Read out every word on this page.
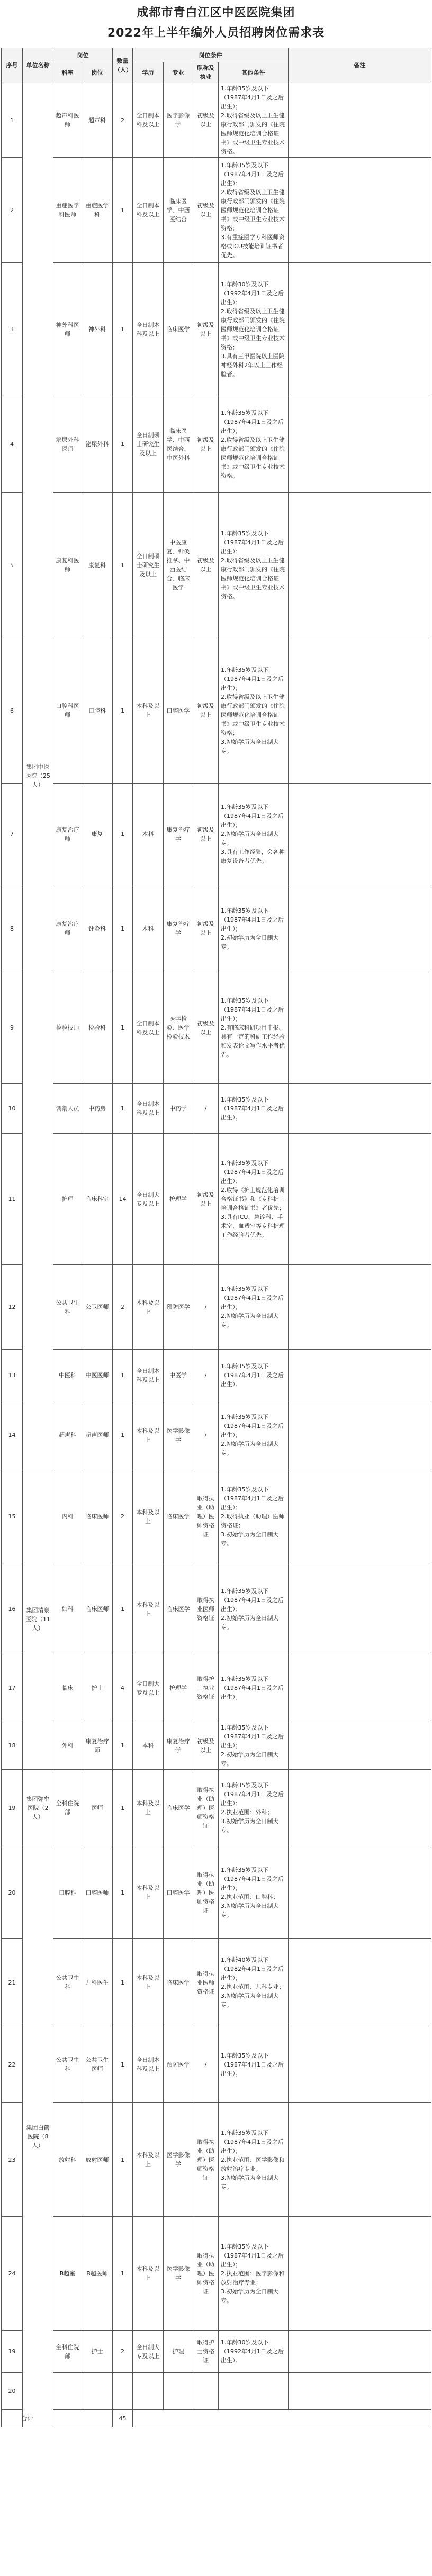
成都市青白江区中医医院集团
2022年上半年编外人员招聘岗位需求表
序号	单位名称	岗位		数量（人）	岗位条件				备注
		科室	岗位		学历	专业	职称及执业	其他条件	
1	集团中医医院（25人）	超声科医师	超声科	2	全日制本科及以上	医学影像学	初级及以上	1.年龄35岁及以下
（1987年4月1日及之后出生）；
2.取得省级及以上卫生健康行政部门颁发的《住院医师规范化培训合格证书》或中级卫生专业技术资格。	

2		重症医学科医师	重症医学科	1	全日制本科及以上	临床医学、中西医结合	初级及以上	1.年龄35岁及以下
（1987年4月1日及之后出生）；
2.取得省级及以上卫生健康行政部门颁发的《住院医师规范化培训合格证书》或中级卫生专业技术资格；
3.有重症医学专科医师资格或ICU技能培训证书者优先。	

3		神外科医师	神外科	1	全日制本科及以上	临床医学	初级及以上	1.年龄30岁及以下
（1992年4月1日及之后出生）；
2.取得省级及以上卫生健康行政部门颁发的《住院医师规范化培训合格证书》或中级卫生专业技术资格；
3.具有三甲医院以上医院神经外科2年以上工作经验者。	

4		泌尿外科医师	泌尿外科	1	全日制硕士研究生及以上	临床医学、中西医结合、中医外科	初级及以上	1.年龄35岁及以下
（1987年4月1日及之后出生）；
2.取得省级及以上卫生健康行政部门颁发的《住院医师规范化培训合格证书》或中级卫生专业技术资格。	

5		康复科医师	康复科	1	全日制硕士研究生及以上	中医康复、针灸推拿、中西医结合、临床医学	初级及以上	1.年龄35岁及以下
（1987年4月1日及之后出生）；
2.取得省级及以上卫生健康行政部门颁发的《住院医师规范化培训合格证书》或中级卫生专业技术资格。	

6		口腔科医师	口腔科	1	本科及以上	口腔医学	初级及以上	1.年龄35岁及以下
（1987年4月1日及之后出生）；
2.取得省级及以上卫生健康行政部门颁发的《住院医师规范化培训合格证书》或中级卫生专业技术资格；
3.初始学历为全日制大专。	

7		康复治疗师	康复	1	本科	康复治疗学	初级及以上	1.年龄35岁及以下
（1987年4月1日及之后出生）；
2.初始学历为全日制大专；
3.具有工作经验，会各种康复设备者优先。	

8		康复治疗师	针灸科	1	本科	康复治疗学	初级及以上	1.年龄35岁及以下
（1987年4月1日及之后出生）；
2.初始学历为全日制大专。	

9		检验技师	检验科	1	全日制本科及以上	医学检验、医学检验技术	初级及以上	1.年龄35岁及以下
（1987年4月1日及之后出生）；
2.有临床科研项目申报、具有一定的科研工作经验和发表论文写作水平者优先。	

10		调剂人员	中药房	1	全日制本科及以上	中药学	/	1.年龄35岁及以下
（1987年4月1日及之后出生）。	

11		护理	临床科室	14	全日制大专及以上	护理学	初级及以上	1.年龄35岁及以下
（1987年4月1日及之后出生）；
2.取得《护士规范化培训合格证书》和《专科护士培训合格证书》者优先；
3.具有ICU、急诊科、手术室、血透室等专科护理工作经验者优先。	

12		公共卫生科	公卫医师	2	本科及以上	预防医学	/	1.年龄35岁及以下
（1987年4月1日及之后出生）；
2.初始学历为全日制大专。	

13		中医科	中医医师	1	全日制本科及以上	中医学	/	1.年龄35岁及以下
（1987年4月1日及之后出生）。	

14		超声科	超声医师	1	本科及以上	医学影像学	/	1.年龄35岁及以下
（1987年4月1日及之后出生）；
2.初始学历为全日制大专。	

15	集团清泉医院（11人）	内科	临床医师	2	本科及以上	临床医学	取得执业（助理）医师资格证	1.年龄35岁及以下
（1987年4月1日及之后出生）；
2.取得执业（助理）医师资格证；
3.初始学历为全日制大专。	

16		妇科	临床医师	1	本科及以上	临床医学	取得执业医师资格证	1.年龄35岁及以下
（1987年4月1日及之后出生）；
2.初始学历为全日制大专。	

17		临床	护士	4	全日制大专及以上	护理学	取得护士执业资格证	1.年龄35岁及以下
（1987年4月1日及之后出生）。	

18		外科	康复治疗师	1	本科	康复治疗学	初级及以上	1.年龄35岁及以下
（1987年4月1日及之后出生）；
2.初始学历为全日制大专。	

19	集团弥牟医院（2人）	全科住院部	医师	1	本科及以上	临床医学	取得执业（助理）医师资格证	1.年龄35岁及以下
（1987年4月1日及之后出生）；
2.执业范围：外科；
3.初始学历为全日制大专。	

20	集团白鹤医院（8人）	口腔科	口腔医师	1	本科及以上	口腔医学	取得执业（助理）医师资格证	1.年龄35岁及以下
（1987年4月1日及之后出生）；
2.执业范围：口腔科；
3.初始学历为全日制大专。	

21		公共卫生科	儿科医生	1	本科及以上	临床医学	取得执业医师资格证	1.年龄40岁及以下
（1982年4月1日及之后出生）；
2.执业范围：儿科专业；
3.初始学历为全日制大专。	

22		公共卫生科	公共卫生医师	1	全日制本科及以上	预防医学	/	1.年龄35岁及以下
（1987年4月1日及之后出生）。	

23		放射科	放射医师	1	本科及以上	医学影像学	取得执业（助理）医师资格证	1.年龄35岁及以下
（1987年4月1日及之后出生）；
2.执业范围：医学影像和放射治疗专业；
3.初始学历为全日制大专。	

24		B超室	B超医师	1	本科及以上	医学影像学	取得执业（助理）医师资格证	1.年龄35岁及以下
（1987年4月1日及之后出生）；
2.执业范围：医学影像和放射治疗专业；
3.初始学历为全日制大专。	

19		全科住院部	护士	2	全日制大专及以上	护理	取得护士资格证	1.年龄30岁及以下
（1992年4月1日及之后出生）。	

20									
合计				45					
